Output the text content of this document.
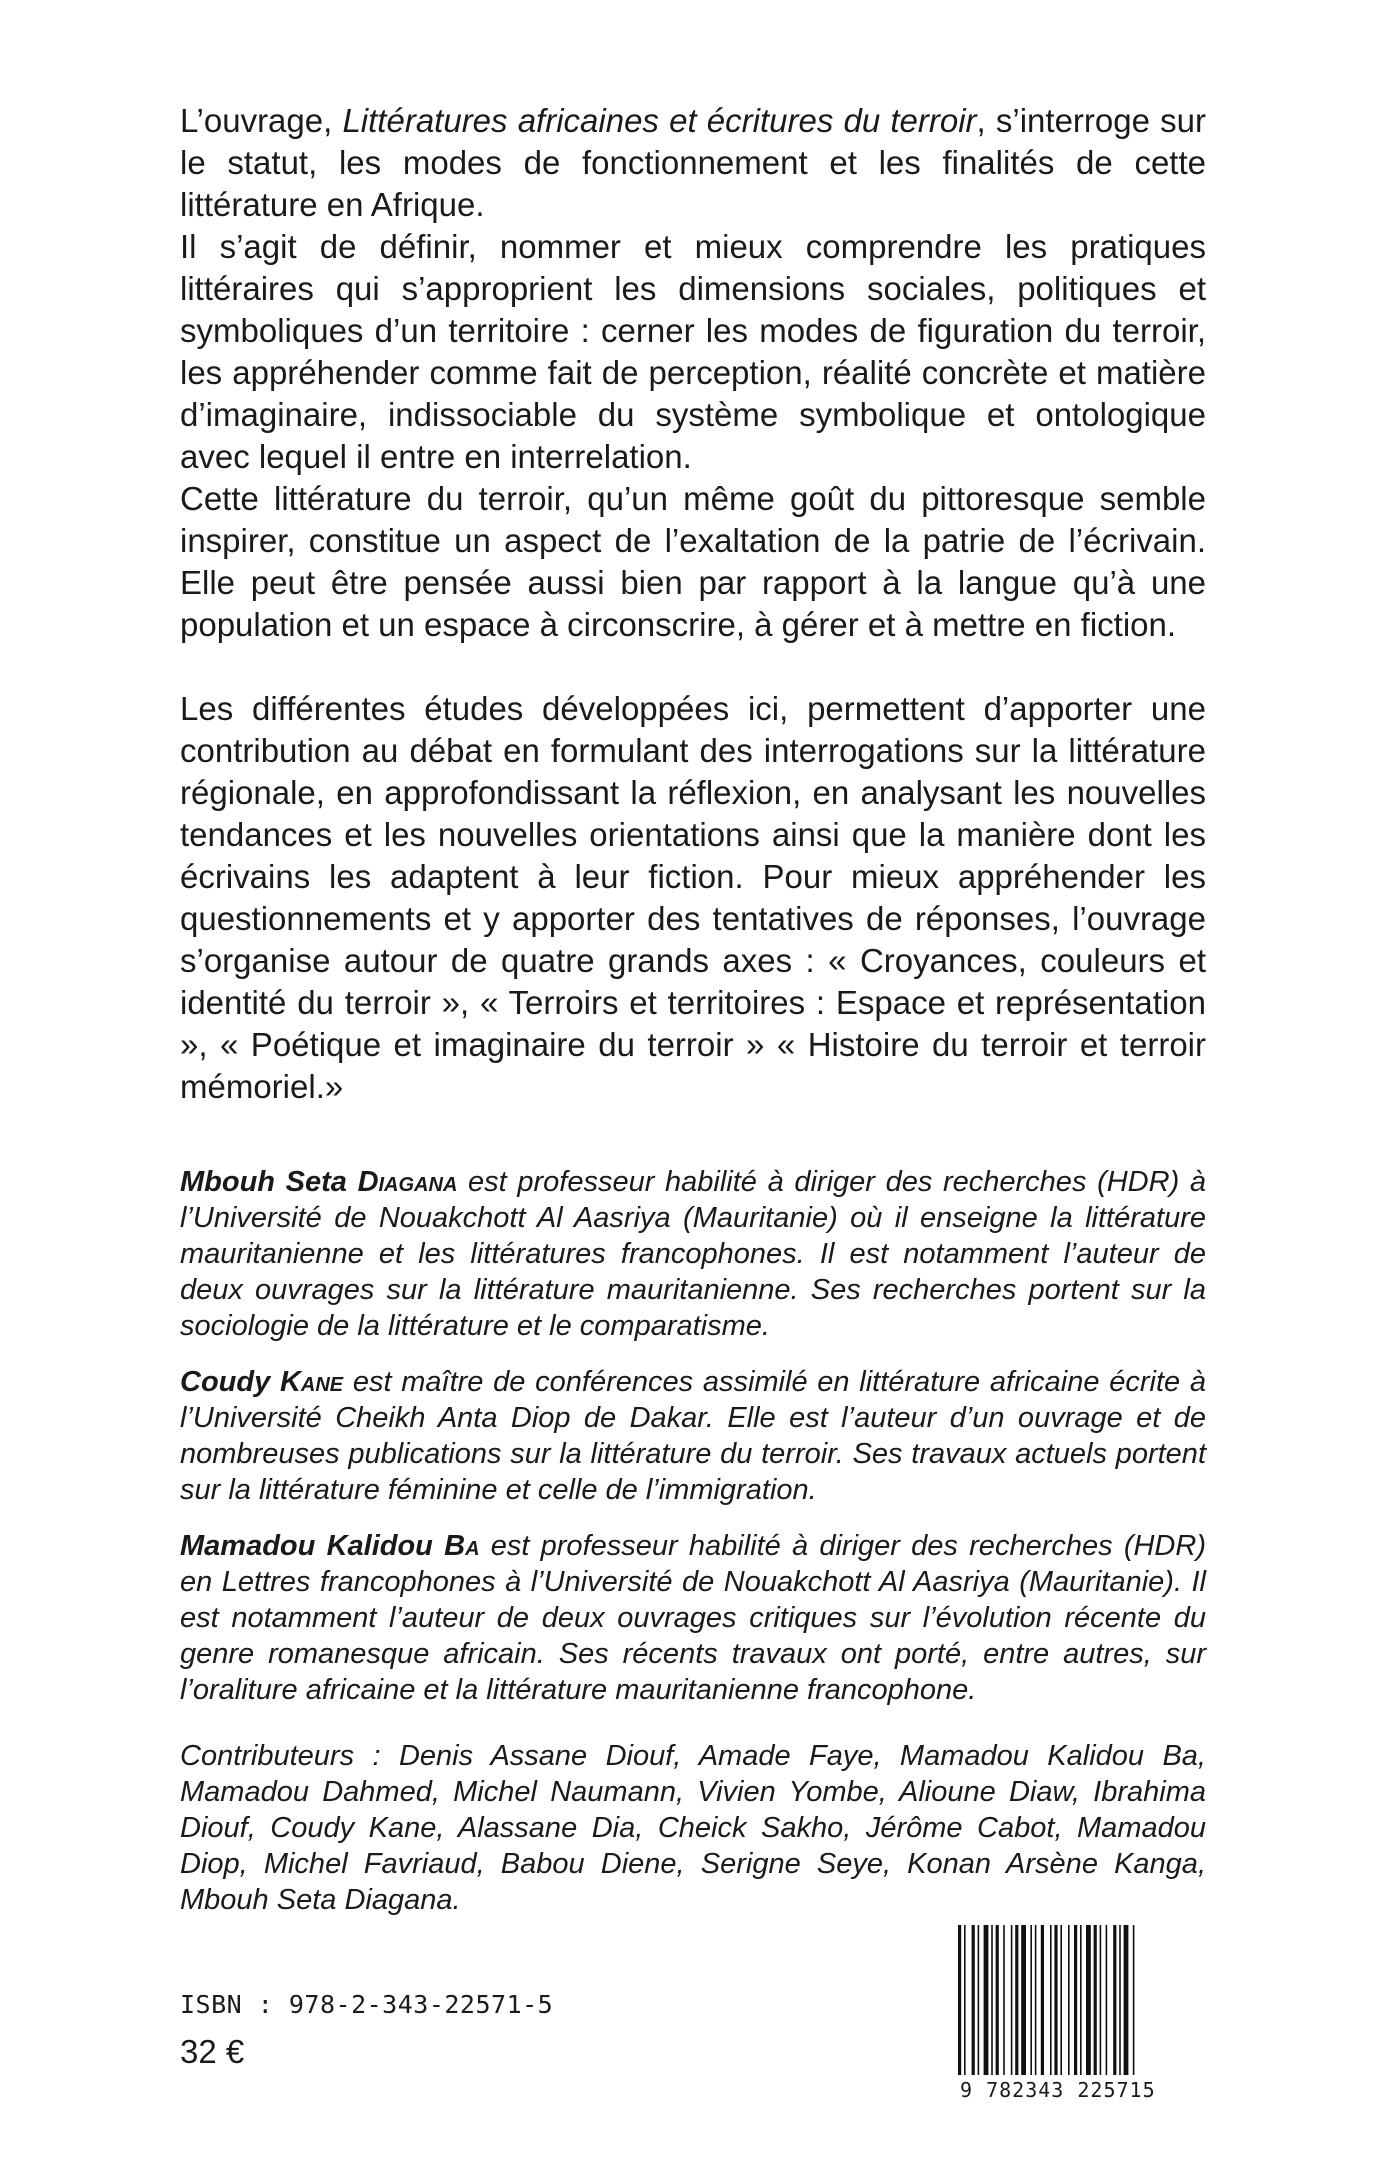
L’ouvrage, Littératures africaines et écritures du terroir, s’interroge sur le statut, les modes de fonctionnement et les finalités de cette littérature en Afrique.

Il s’agit de définir, nommer et mieux comprendre les pratiques littéraires qui s’approprient les dimensions sociales, politiques et symboliques d’un territoire : cerner les modes de figuration du terroir, les appréhender comme fait de perception, réalité concrète et matière d’imaginaire, indissociable du système symbolique et ontologique avec lequel il entre en interrelation.

Cette littérature du terroir, qu’un même goût du pittoresque semble inspirer, constitue un aspect de l’exaltation de la patrie de l’écrivain. Elle peut être pensée aussi bien par rapport à la langue qu’à une population et un espace à circonscrire, à gérer et à mettre en fiction.

Les différentes études développées ici, permettent d’apporter une contribution au débat en formulant des interrogations sur la littérature régionale, en approfondissant la réflexion, en analysant les nouvelles tendances et les nouvelles orientations ainsi que la manière dont les écrivains les adaptent à leur fiction. Pour mieux appréhender les questionnements et y apporter des tentatives de réponses, l’ouvrage s’organise autour de quatre grands axes : « Croyances, couleurs et identité du terroir », « Terroirs et territoires : Espace et représentation », « Poétique et imaginaire du terroir » « Histoire du terroir et terroir mémoriel.»

Mbouh Seta Diagana est professeur habilité à diriger des recherches (HDR) à l’Université de Nouakchott Al Aasriya (Mauritanie) où il enseigne la littérature mauritanienne et les littératures francophones. Il est notamment l’auteur de deux ouvrages sur la littérature mauritanienne. Ses recherches portent sur la sociologie de la littérature et le comparatisme.

Coudy Kane est maître de conférences assimilé en littérature africaine écrite à l’Université Cheikh Anta Diop de Dakar. Elle est l’auteur d’un ouvrage et de nombreuses publications sur la littérature du terroir. Ses travaux actuels portent sur la littérature féminine et celle de l’immigration.

Mamadou Kalidou Ba est professeur habilité à diriger des recherches (HDR) en Lettres francophones à l’Université de Nouakchott Al Aasriya (Mauritanie). Il est notamment l’auteur de deux ouvrages critiques sur l’évolution récente du genre romanesque africain. Ses récents travaux ont porté, entre autres, sur l’oraliture africaine et la littérature mauritanienne francophone.

Contributeurs : Denis Assane Diouf, Amade Faye, Mamadou Kalidou Ba, Mamadou Dahmed, Michel Naumann, Vivien Yombe, Alioune Diaw, Ibrahima Diouf, Coudy Kane, Alassane Dia, Cheick Sakho, Jérôme Cabot, Mamadou Diop, Michel Favriaud, Babou Diene, Serigne Seye, Konan Arsène Kanga, Mbouh Seta Diagana.

ISBN : 978-2-343-22571-5
32 €
9 782343 225715
